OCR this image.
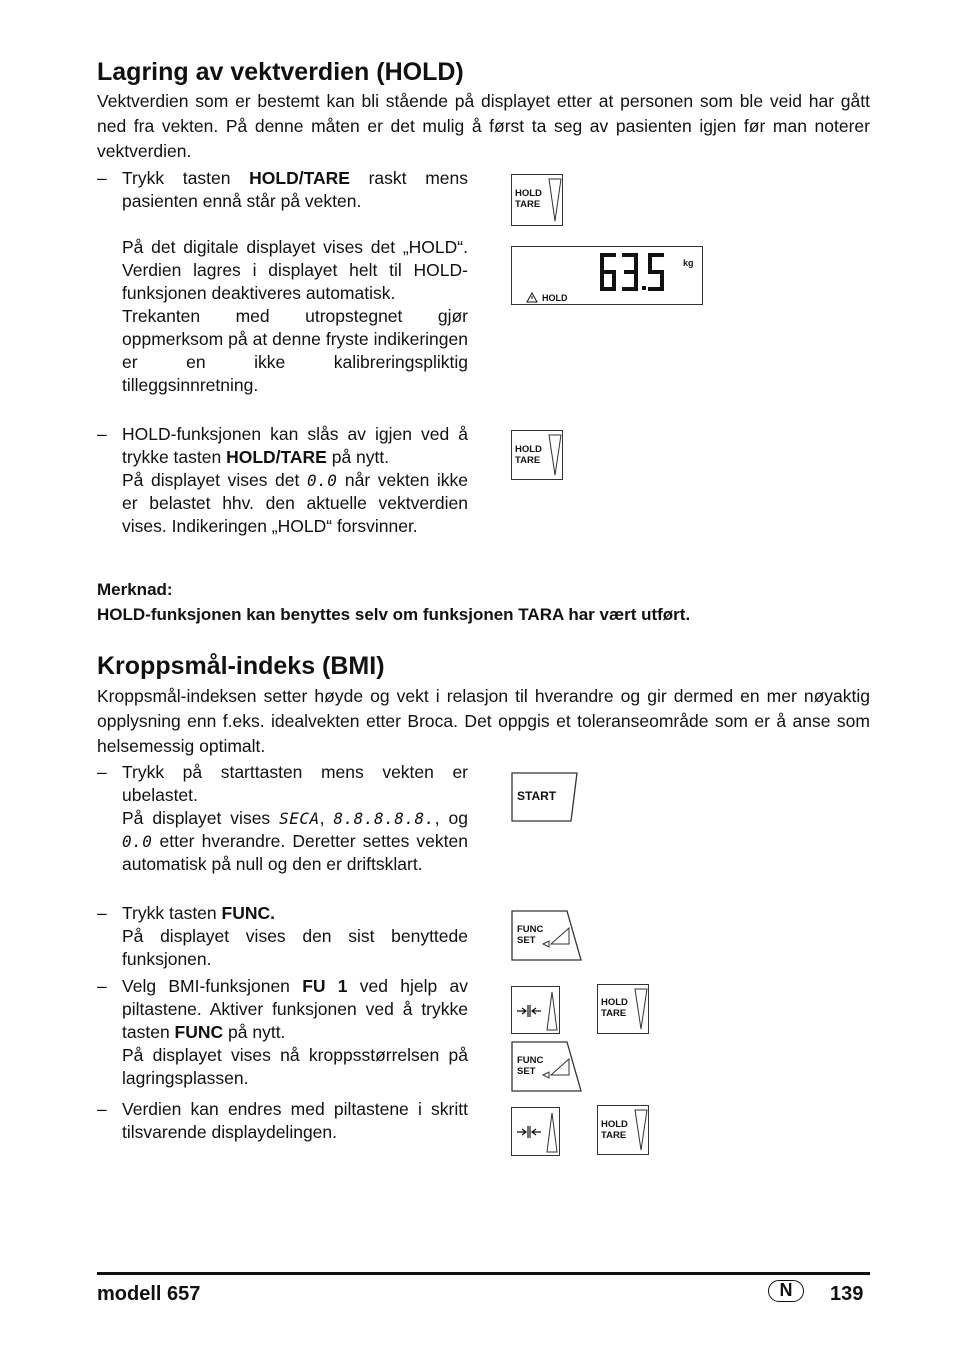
Lagring av vektverdien (HOLD)

Vektverdien som er bestemt kan bli stående på displayet etter at personen som ble veid har gått ned fra vekten. På denne måten er det mulig å først ta seg av pasienten igjen før man noterer vektverdien.

– Trykk tasten HOLD/TARE raskt mens pasienten ennå står på vekten.

På det digitale displayet vises det „HOLD“. Verdien lagres i displayet helt til HOLD-funksjonen deaktiveres automatisk.

Trekanten med utropstegnet gjør oppmerksom på at denne fryste indikeringen er en ikke kalibreringspliktig tilleggsinnretning.

– HOLD-funksjonen kan slås av igjen ved å trykke tasten HOLD/TARE på nytt.

På displayet vises det 0.0 når vekten ikke er belastet hhv. den aktuelle vektverdien vises. Indikeringen „HOLD“ forsvinner.

Merknad:
HOLD-funksjonen kan benyttes selv om funksjonen TARA har vært utført.
HOLD
TARE
kg
HOLD
HOLD
TARE
Kroppsmål-indeks (BMI)

Kroppsmål-indeksen setter høyde og vekt i relasjon til hverandre og gir dermed en mer nøyaktig opplysning enn f.eks. idealvekten etter Broca. Det oppgis et toleranseområde som er å anse som helsemessig optimalt.

– Trykk på starttasten mens vekten er ubelastet.

På displayet vises SECA, 8.8.8.8.8., og 0.0 etter hverandre. Deretter settes vekten automatisk på null og den er driftsklart.

– Trykk tasten FUNC.

På displayet vises den sist benyttede funksjonen.

– Velg BMI-funksjonen FU 1 ved hjelp av piltastene. Aktiver funksjonen ved å trykke tasten FUNC på nytt.

På displayet vises nå kroppsstørrelsen på lagringsplassen.

– Verdien kan endres med piltastene i skritt tilsvarende displaydelingen.

START
FUNC
SET
HOLD
TARE
FUNC
SET
HOLD
TARE
modell 657	N	139
